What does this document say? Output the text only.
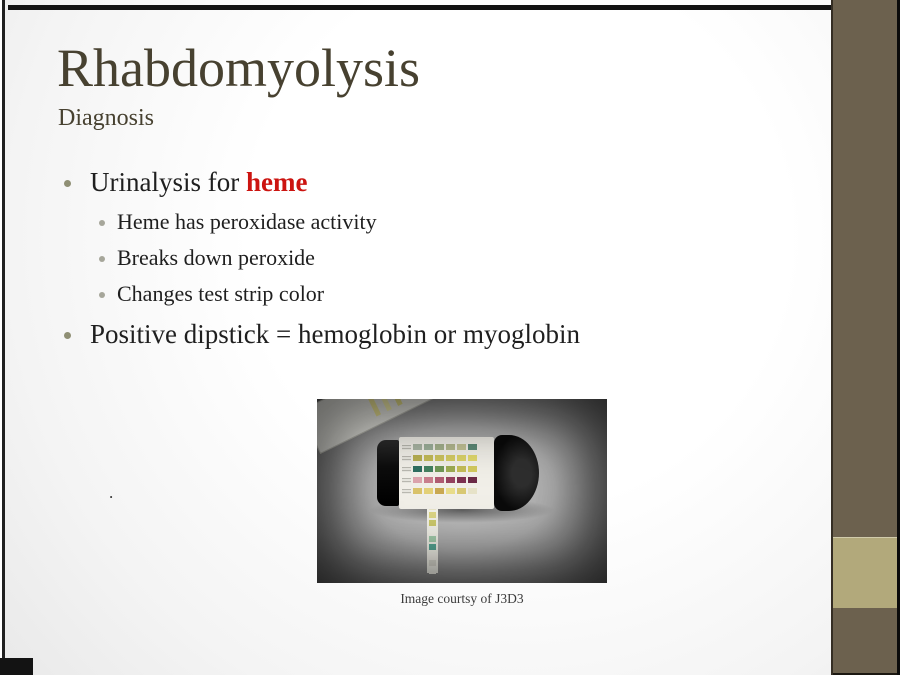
Rhabdomyolysis
Diagnosis
Urinalysis for heme
Heme has peroxidase activity
Breaks down peroxide
Changes test strip color
Positive dipstick = hemoglobin or myoglobin
.
Image courtsy of J3D3
